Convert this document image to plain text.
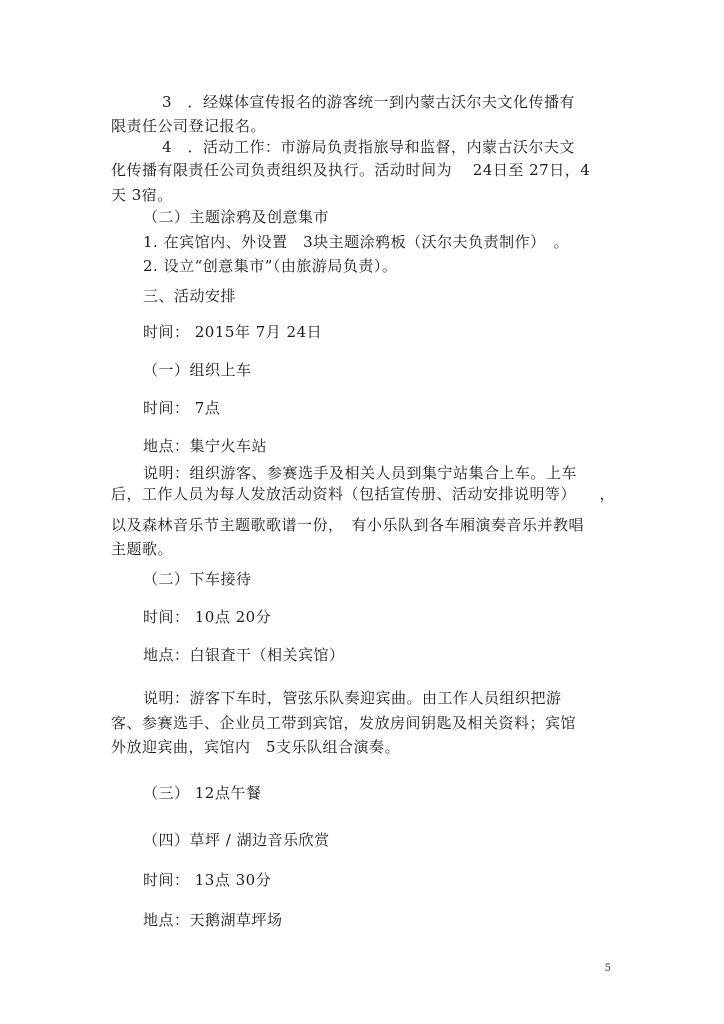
3　．经媒体宣传报名的游客统一到内蒙古沃尔夫文化传播有
限责任公司登记报名。
4　．活动工作：市游局负责指旅导和监督，内蒙古沃尔夫文
化传播有限责任公司负责组织及执行。活动时间为　 24日至 27日，4
天 3宿。
（二）主题涂鸦及创意集市
1. 在宾馆内、外设置　3块主题涂鸦板（沃尔夫负责制作）　。
2. 设立“创意集市”（由旅游局负责）。
三、活动安排
时间： 2015年 7月 24日
（一）组织上车
时间： 7点
地点：集宁火车站
说明：组织游客、参赛选手及相关人员到集宁站集合上车。上车
后，工作人员为每人发放活动资料（包括宣传册、活动安排说明等）　　，
以及森林音乐节主题歌歌谱一份，　有小乐队到各车厢演奏音乐并教唱
主题歌。
（二）下车接待
时间： 10点 20分
地点：白银査干（相关宾馆）
说明：游客下车时，管弦乐队奏迎宾曲。由工作人员组织把游
客、参赛选手、企业员工带到宾馆，发放房间钥匙及相关资料；宾馆
外放迎宾曲，宾馆内　5支乐队组合演奏。
（三） 12点午餐
（四）草坪 / 湖边音乐欣赏
时间： 13点 30分
地点：天鹅湖草坪场
5
